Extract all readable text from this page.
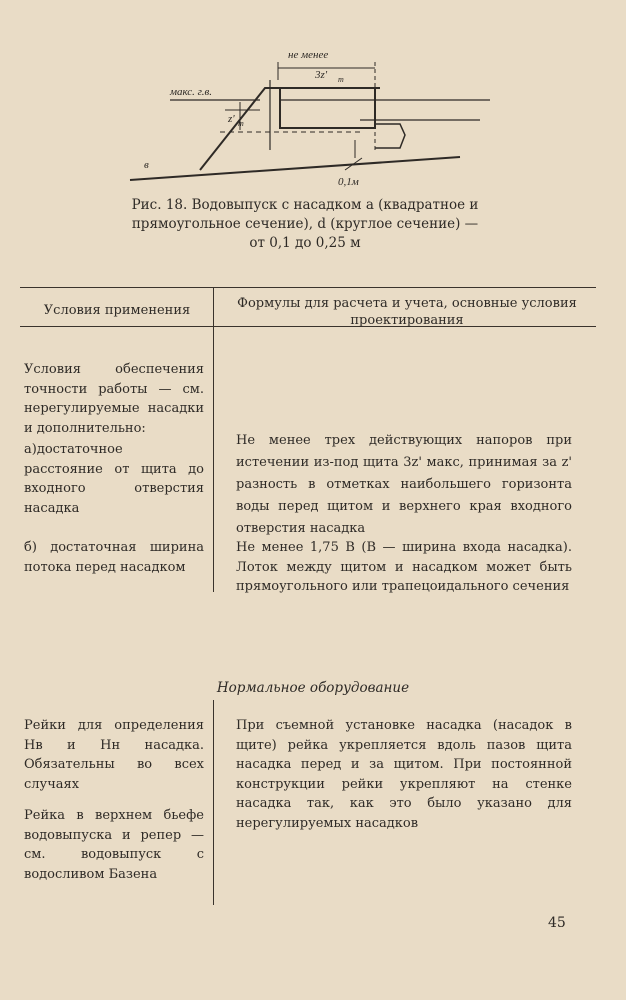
не менее
3z' m
макс. г.в.
z' m
в
0,1м
Рис. 18. Водовыпуск с насадком a (квадратное и
прямоугольное сечение), d (круглое сечение) —
от 0,1 до 0,25 м
Условия применения	Формулы для расчета и учета, основные условия проектирования

Условия обеспечения точности работы — см. нерегулируемые насадки и дополнительно:

а)достаточное расстояние от щита до входного отверстия насадка

Не менее трех действующих напоров при истечении из-под щита 3z' макс, принимая за z' разность в отметках наибольшего горизонта воды перед щитом и верхнего края входного отверстия насадка

б) достаточная ширина потока перед насадком

Не менее 1,75 B (B — ширина входа насадка). Лоток между щитом и насадком может быть прямоугольного или трапецоидального сечения

Нормальное оборудование

Рейки для определения Hв и Hн насадка. Обязательны во всех случаях

Рейка в верхнем бьефе водовыпуска и репер — см. водовыпуск с водосливом Базена

При съемной установке насадка (насадок в щите) рейка укрепляется вдоль пазов щита насадка перед и за щитом. При постоянной конструкции рейки укрепляют на стенке насадка так, как это было указано для нерегулируемых насадков

45
